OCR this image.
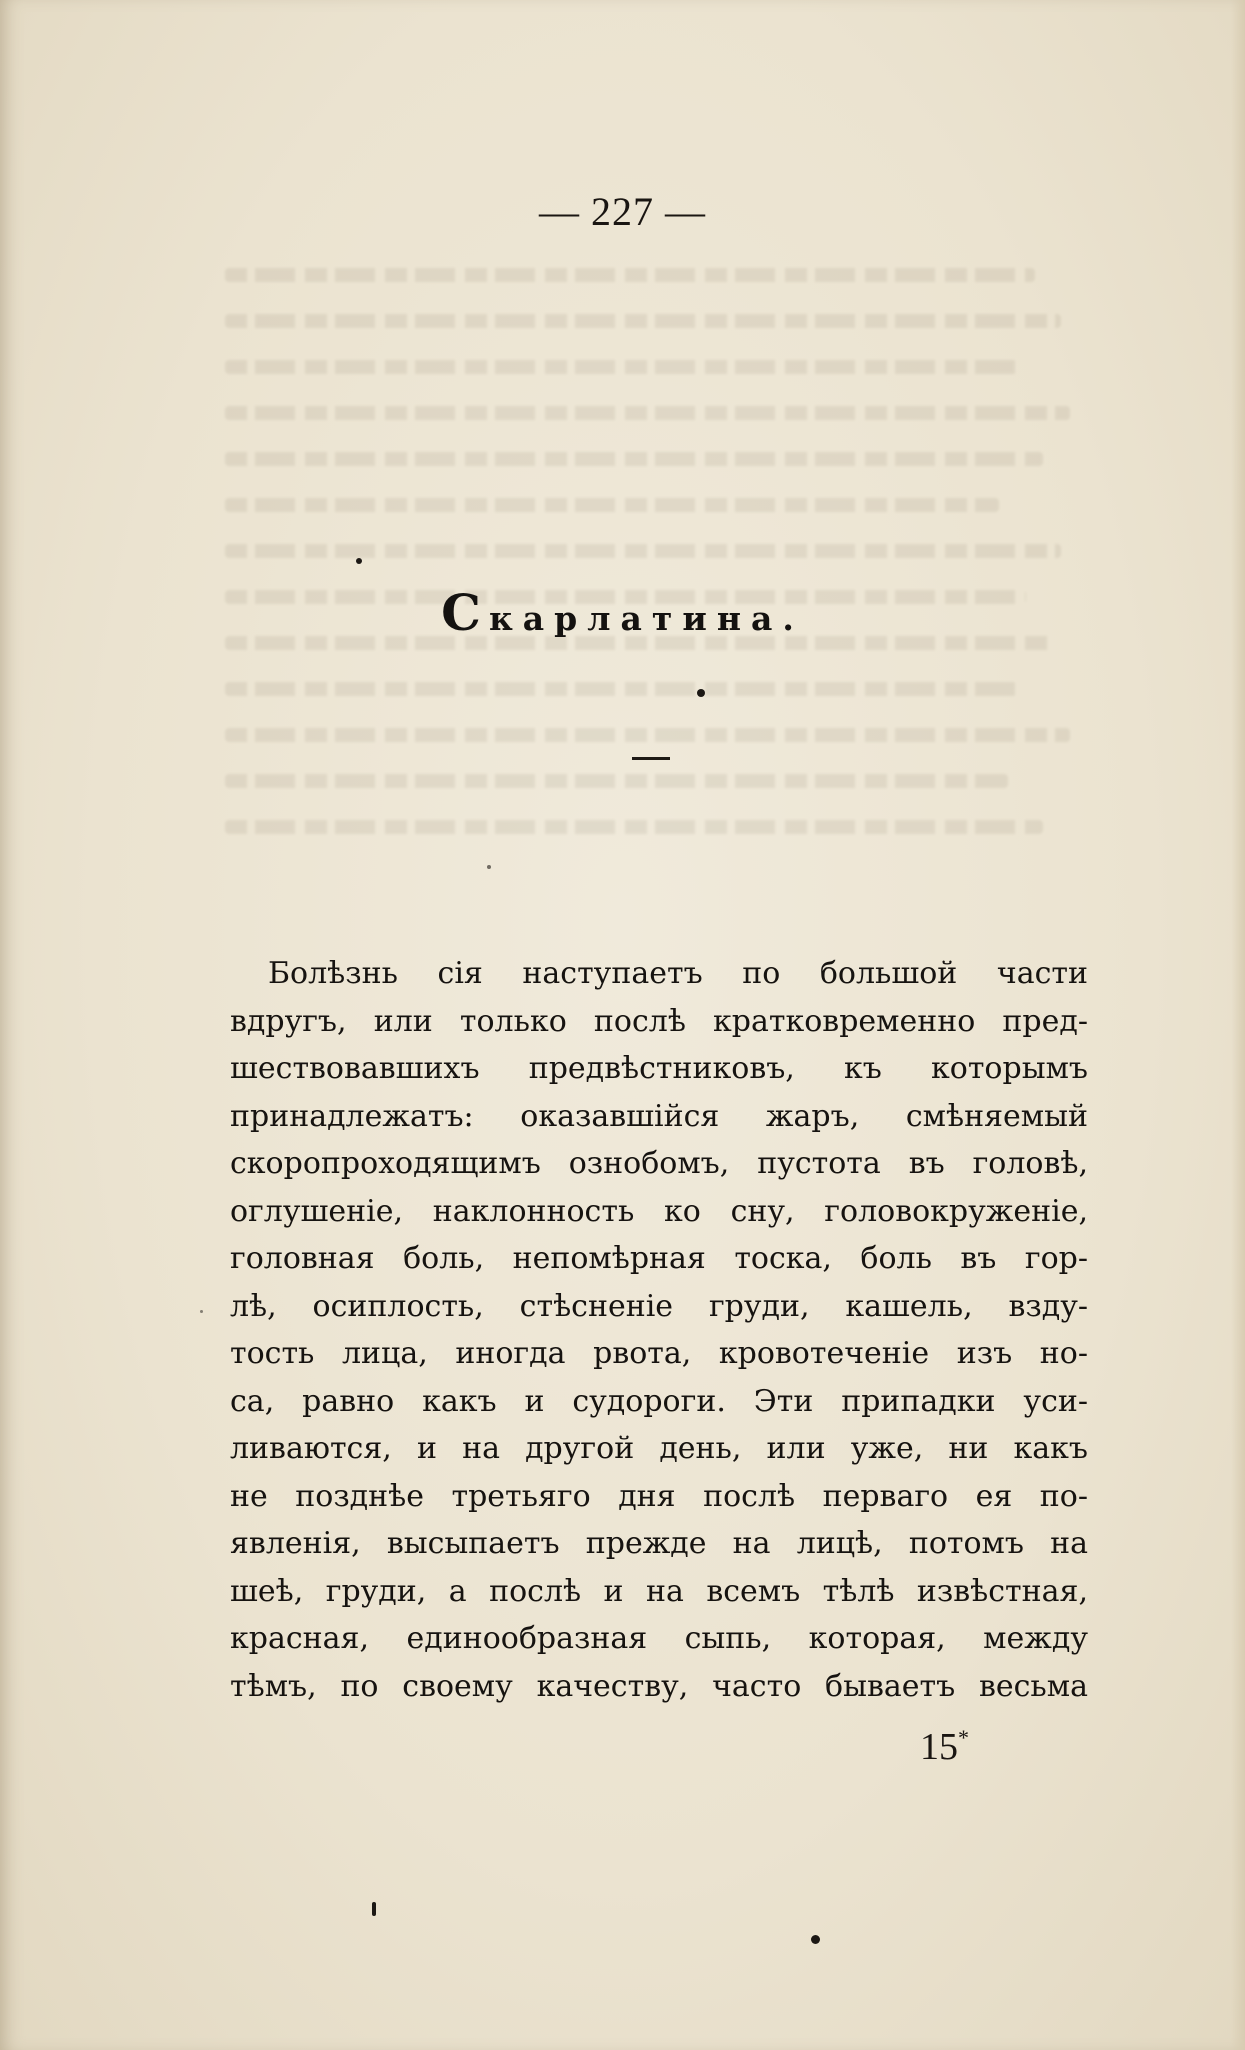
— 227 —
Скарлатина.
Болѣзнь сія наступаетъ по большой части
вдругъ, или только послѣ кратковременно пред-
шествовавшихъ предвѣстниковъ, къ которымъ
принадлежатъ: оказавшійся жаръ, смѣняемый
скоропроходящимъ ознобомъ, пустота въ головѣ,
оглушеніе, наклонность ко сну, головокруженіе,
головная боль, непомѣрная тоска, боль въ гор-
лѣ, осиплость, стѣсненіе груди, кашель, взду-
тость лица, иногда рвота, кровотеченіе изъ но-
са, равно какъ и судороги. Эти припадки уси-
ливаются, и на другой день, или уже, ни какъ
не позднѣе третьяго дня послѣ перваго ея по-
явленія, высыпаетъ прежде на лицѣ, потомъ на
шеѣ, груди, а послѣ и на всемъ тѣлѣ извѣстная,
красная, единообразная сыпь, которая, между
тѣмъ, по своему качеству, часто бываетъ весьма
15*
